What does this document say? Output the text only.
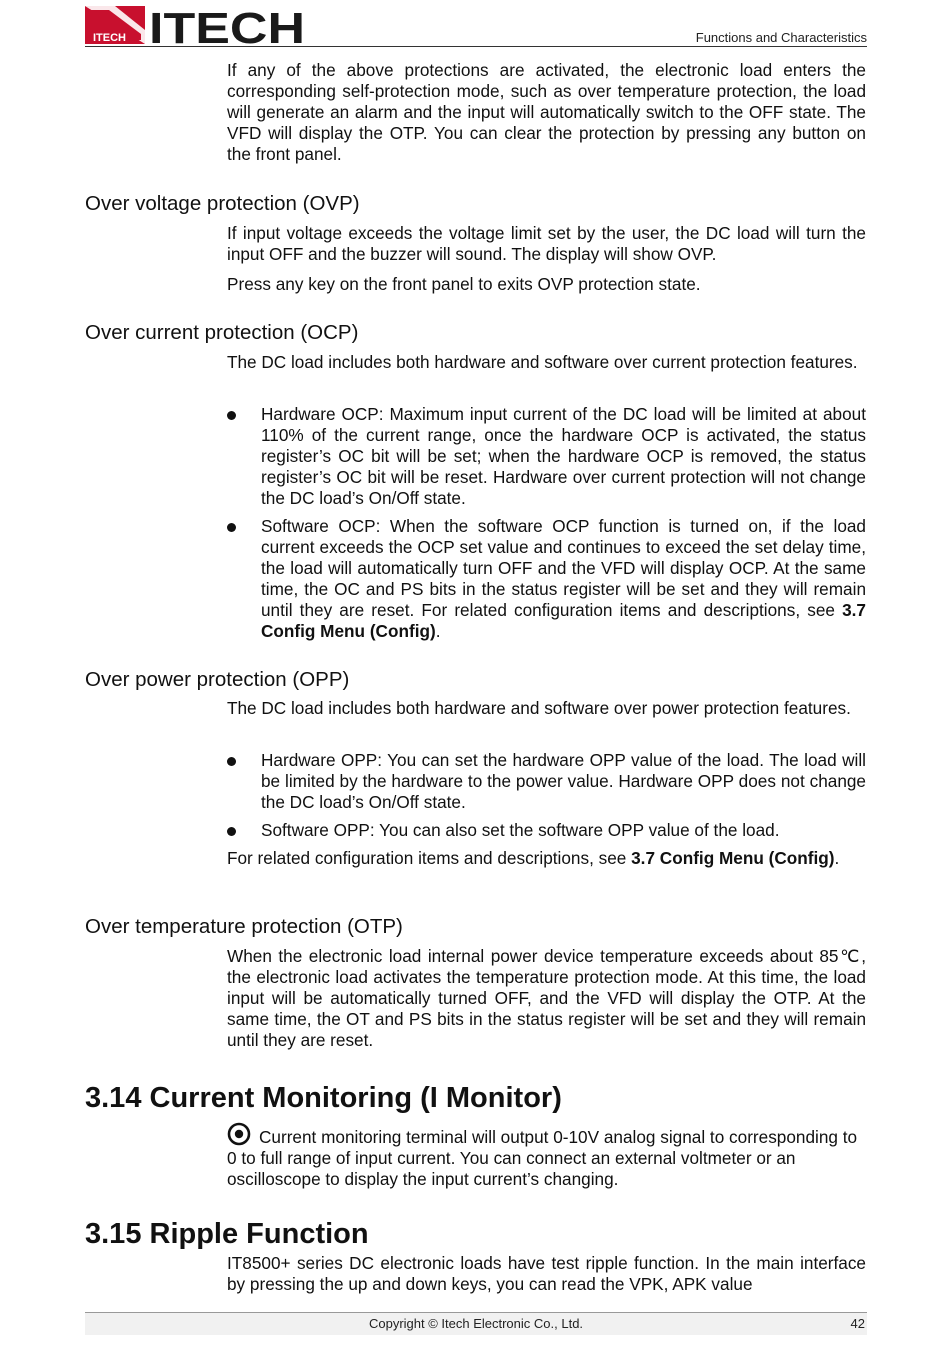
ITECH ITECH	Functions and Characteristics

If any of the above protections are activated, the electronic load enters the corresponding self-protection mode, such as over temperature protection, the load will generate an alarm and the input will automatically switch to the OFF state. The VFD will display the OTP. You can clear the protection by pressing any button on the front panel.

Over voltage protection (OVP)

If input voltage exceeds the voltage limit set by the user, the DC load will turn the input OFF and the buzzer will sound. The display will show OVP.

Press any key on the front panel to exits OVP protection state.

Over current protection (OCP)

The DC load includes both hardware and software over current protection features.

Hardware OCP: Maximum input current of the DC load will be limited at about 110% of the current range, once the hardware OCP is activated, the status register’s OC bit will be set; when the hardware OCP is removed, the status register’s OC bit will be reset. Hardware over current protection will not change the DC load’s On/Off state.

Software OCP: When the software OCP function is turned on, if the load current exceeds the OCP set value and continues to exceed the set delay time, the load will automatically turn OFF and the VFD will display OCP. At the same time, the OC and PS bits in the status register will be set and they will remain until they are reset. For related configuration items and descriptions, see 3.7 Config Menu (Config).

Over power protection (OPP)

The DC load includes both hardware and software over power protection features.

Hardware OPP: You can set the hardware OPP value of the load. The load will be limited by the hardware to the power value. Hardware OPP does not change the DC load’s On/Off state.

Software OPP: You can also set the software OPP value of the load.

For related configuration items and descriptions, see 3.7 Config Menu (Config).

Over temperature protection (OTP)

When the electronic load internal power device temperature exceeds about 85℃, the electronic load activates the temperature protection mode. At this time, the load input will be automatically turned OFF, and the VFD will display the OTP. At the same time, the OT and PS bits in the status register will be set and they will remain until they are reset.

3.14 Current Monitoring (I Monitor)

Current monitoring terminal will output 0-10V analog signal to corresponding to 0 to full range of input current. You can connect an external voltmeter or an oscilloscope to display the input current’s changing.

3.15 Ripple Function

IT8500+ series DC electronic loads have test ripple function. In the main interface by pressing the up and down keys, you can read the VPK, APK value

Copyright © Itech Electronic Co., Ltd.	42
